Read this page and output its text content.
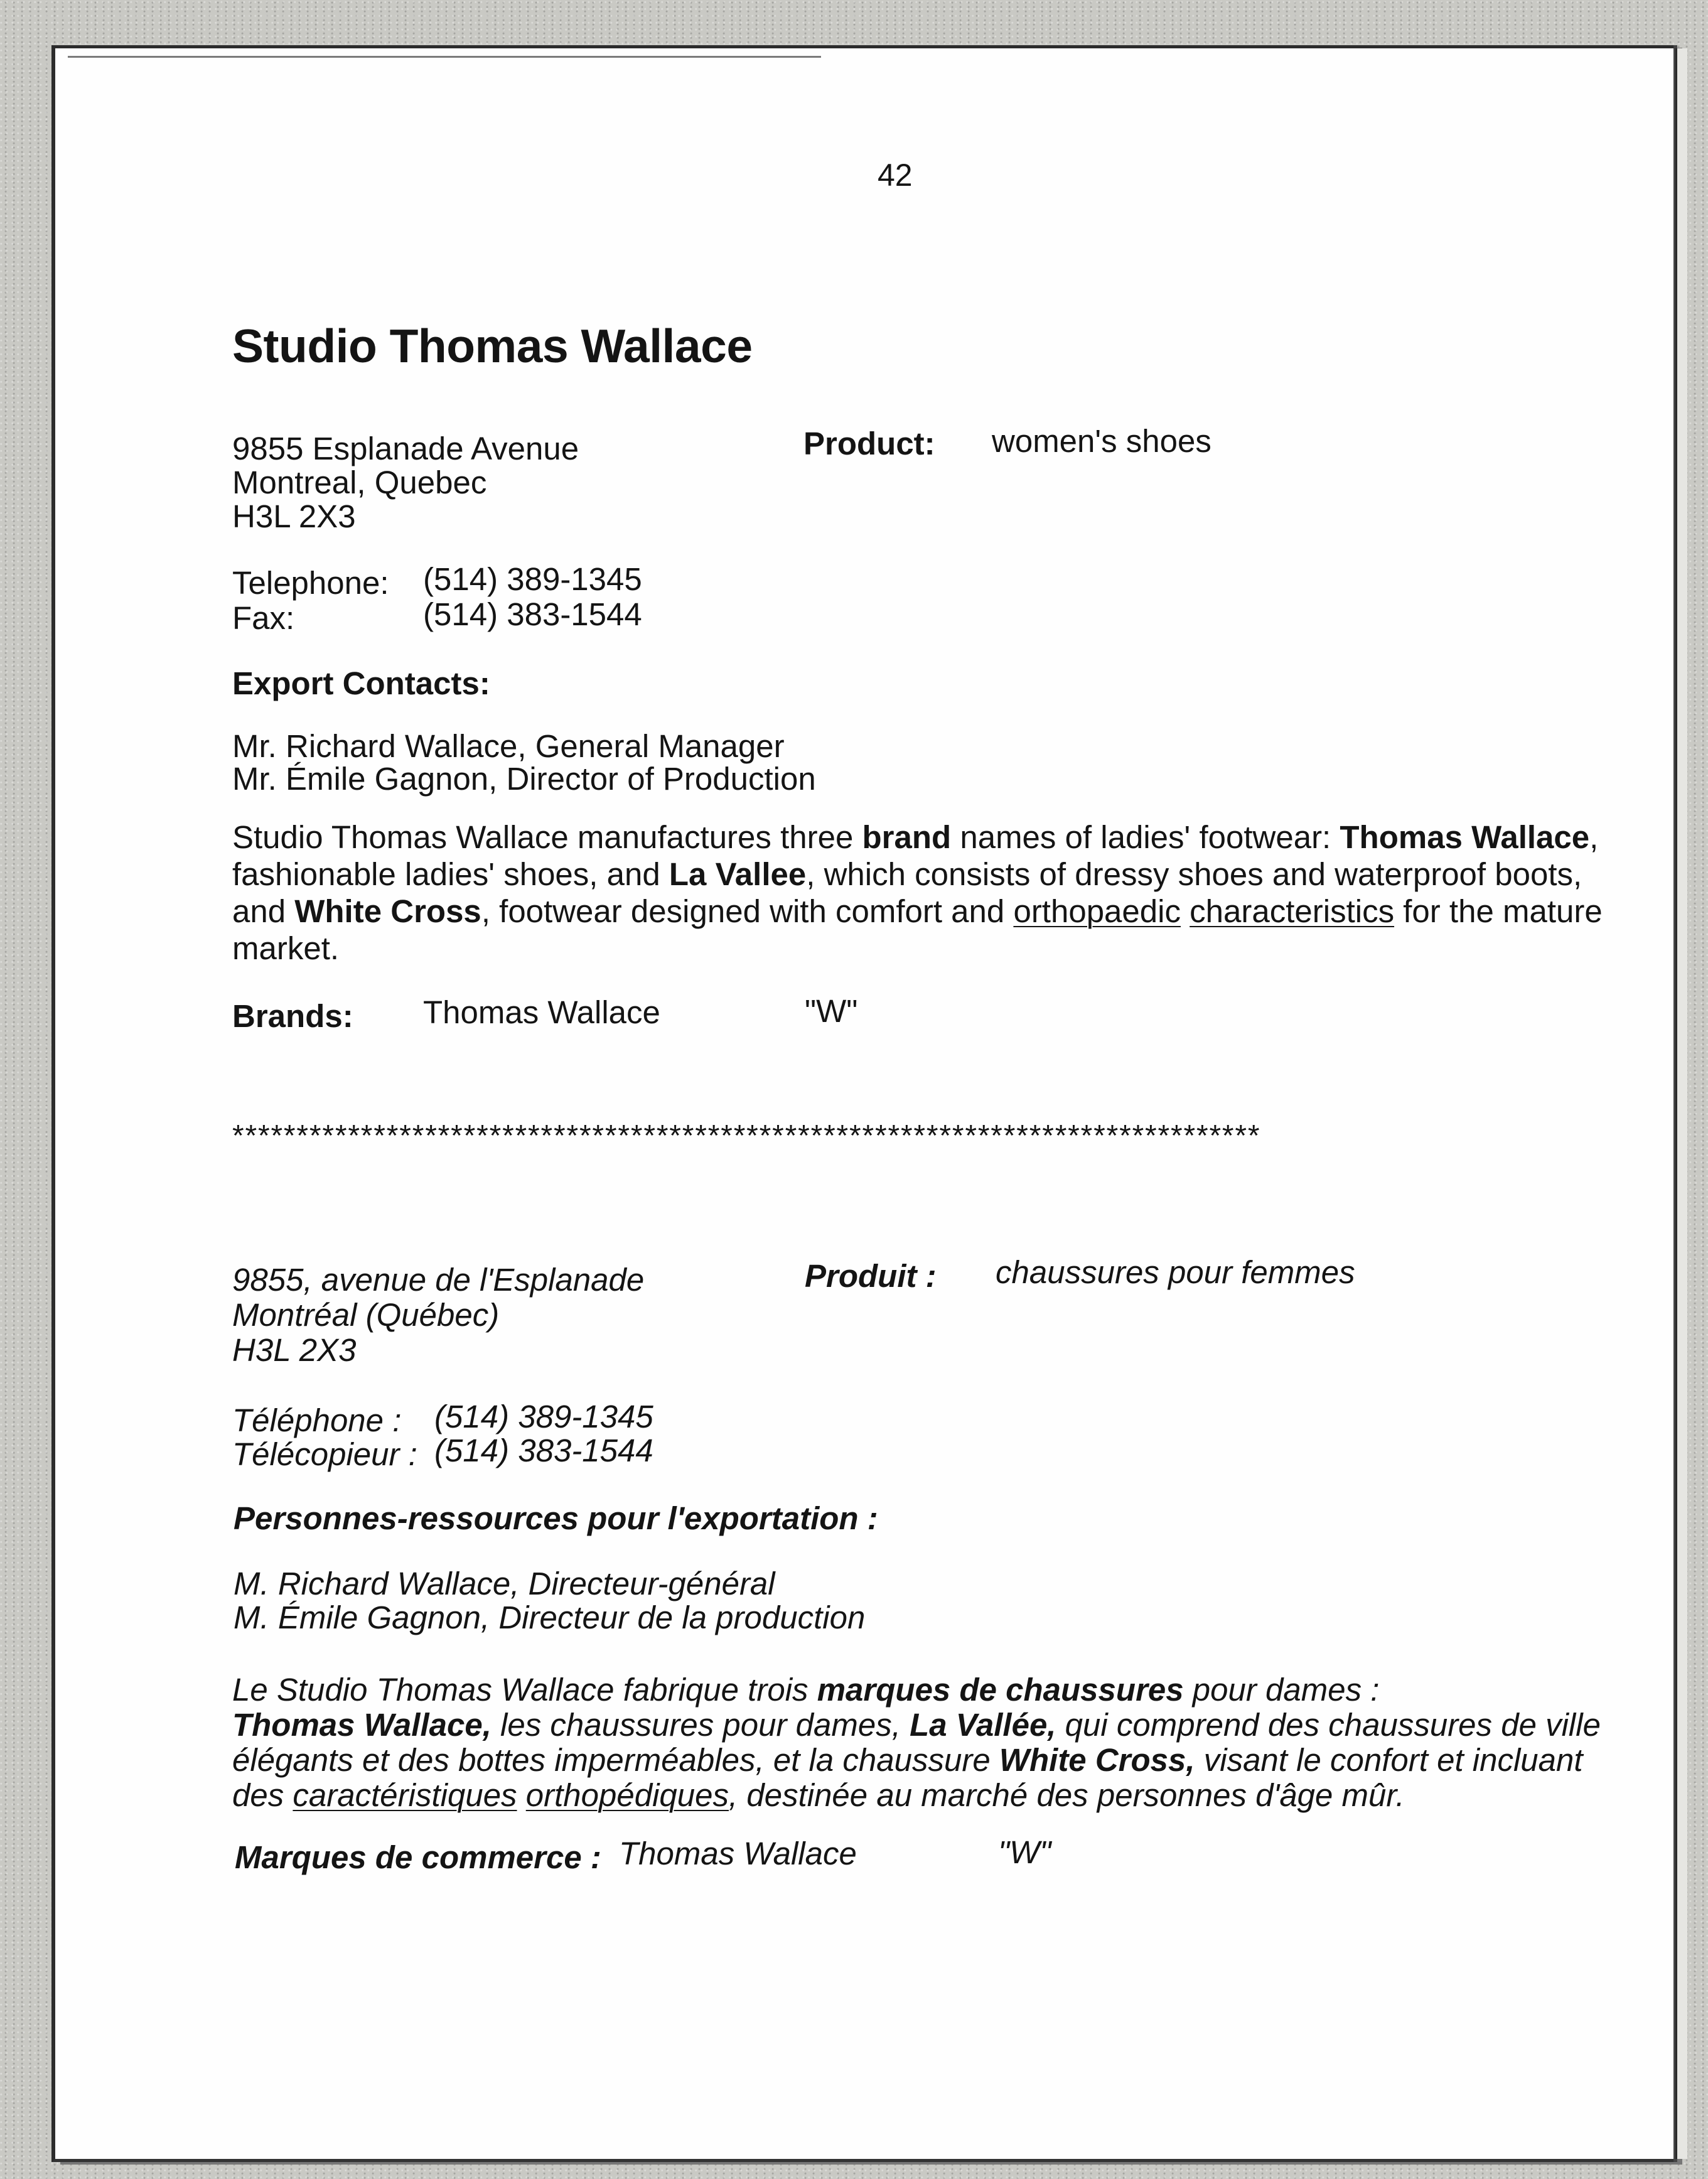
42
Studio Thomas Wallace
9855 Esplanade Avenue
Montreal, Quebec
H3L 2X3
Product: women's shoes
Telephone: (514) 389-1345
Fax:	(514) 383-1544
Export Contacts:
Mr. Richard Wallace, General Manager
Mr. Émile Gagnon, Director of Production
Studio Thomas Wallace manufactures three brand names of ladies' footwear: Thomas Wallace,
fashionable ladies' shoes, and La Vallee, which consists of dressy shoes and waterproof boots,
and White Cross, footwear designed with comfort and orthopaedic characteristics for the mature
market.
Brands: Thomas Wallace	"W"
********************************************************************************
9855, avenue de l'Esplanade
Montréal (Québec)
H3L 2X3
Produit : chaussures pour femmes
Téléphone : (514) 389-1345
Télécopieur : (514) 383-1544
Personnes-ressources pour l'exportation :
M. Richard Wallace, Directeur-général
M. Émile Gagnon, Directeur de la production
Le Studio Thomas Wallace fabrique trois marques de chaussures pour dames :
Thomas Wallace, les chaussures pour dames, La Vallée, qui comprend des chaussures de ville
élégants et des bottes imperméables, et la chaussure White Cross, visant le confort et incluant
des caractéristiques orthopédiques, destinée au marché des personnes d'âge mûr.
Marques de commerce : Thomas Wallace	"W"
